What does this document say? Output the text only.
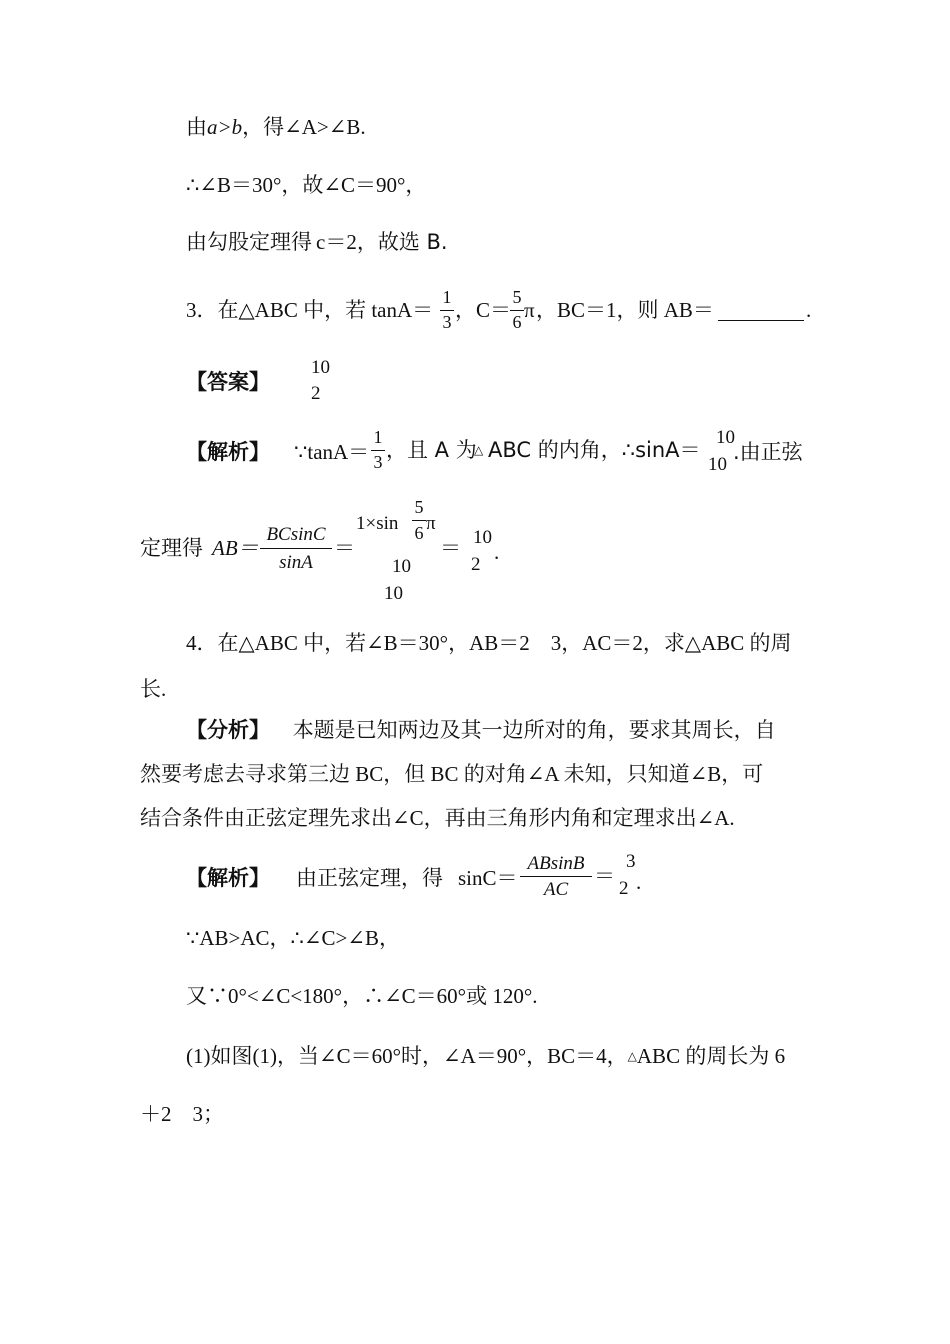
由a>b，得∠A>∠B.
∴∠B＝30°，故∠C＝90°，
由勾股定理得 c＝2，故选 B.
3．在△ABC 中，若 tanA＝
1
3 ，C＝
5
6 π ，BC＝1，则 AB＝	.
【答案】
10
2
【解析】 ∵tanA＝
1
3 ，且 A 为
△ ABC 的内角，∴sinA＝
10
10
.由正弦
定理得 AB＝
BCsinC
sinA
＝
1×sin
5
6 π
10
10
＝ 10
2
.
4．在△ABC 中，若∠B＝30°，AB＝2　3，AC＝2，求△ABC 的周
长.
【分析】 本题是已知两边及其一边所对的角，要求其周长，自
然要考虑去寻求第三边 BC，但 BC 的对角∠A 未知，只知道∠B，可
结合条件由正弦定理先求出∠C，再由三角形内角和定理求出∠A.
【解析】 由正弦定理，得 sinC＝
ABsinB
AC
＝
3
2 .
∵AB>AC，∴∠C>∠B，
又∵0°<∠C<180°，∴∠C＝60°或 120°.
(1)如图(1)，当∠C＝60°时，∠A＝90°，BC＝4，△ABC 的周长为 6
＋2　3；
